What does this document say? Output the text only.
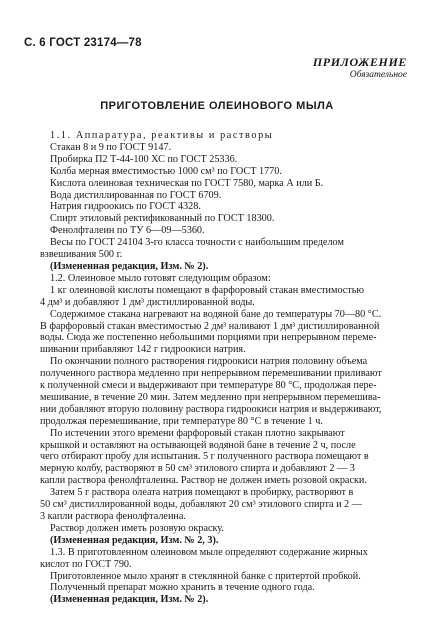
С. 6 ГОСТ 23174—78
ПРИЛОЖЕНИЕ
Обязательное
ПРИГОТОВЛЕНИЕ ОЛЕИНОВОГО МЫЛА

1.1. Аппаратура, реактивы и растворы

Стакан 8 и 9 по ГОСТ 9147.

Пробирка П2 Т-44-100 ХС по ГОСТ 25336.

Колба мерная вместимостью 1000 см³ по ГОСТ 1770.

Кислота олеиновая техническая по ГОСТ 7580, марка А или Б.

Вода дистиллированная по ГОСТ 6709.

Натрия гидроокись по ГОСТ 4328.

Спирт этиловый ректификованный по ГОСТ 18300.

Фенолфталеин по ТУ 6—09—5360.

Весы по ГОСТ 24104 3-го класса точности с наибольшим пределом

взвешивания 500 г.

(Измененная редакция, Изм. № 2).

1.2. Олеиновое мыло готовят следующим образом:

1 кг олеиновой кислоты помещают в фарфоровый стакан вместимостью

4 дм³ и добавляют 1 дм³ дистиллированной воды.

Содержимое стакана нагревают на водяной бане до температуры 70—80 °С.

В фарфоровый стакан вместимостью 2 дм³ наливают 1 дм³ дистиллированной

воды. Сюда же постепенно небольшими порциями при непрерывном переме-

шивании прибавляют 142 г гидроокиси натрия.

По окончании полного растворения гидроокиси натрия половину объема

полученного раствора медленно при непрерывном перемешивании приливают

к полученной смеси и выдерживают при температуре 80 °С, продолжая пере-

мешивание, в течение 20 мин. Затем медленно при непрерывном перемешива-

нии добавляют вторую половину раствора гидроокиси натрия и выдерживают,

продолжая перемешивание, при температуре 80 °С в течение 1 ч.

По истечении этого времени фарфоровый стакан плотно закрывают

крышкой и оставляют на остывающей водяной бане в течение 2 ч, после

чего отбирают пробу для испытания. 5 г полученного раствора помещают в

мерную колбу, растворяют в 50 см³ этилового спирта и добавляют 2 — 3

капли раствора фенолфталеина. Раствор не должен иметь розовой окраски.

Затем 5 г раствора олеата натрия помещают в пробирку, растворяют в

50 см³ дистиллированной воды, добавляют 20 см³ этилового спирта и 2 —

3 капли раствора фенолфталеина.

Раствор должен иметь розовую окраску.

(Измененная редакция, Изм. № 2, 3).

1.3. В приготовленном олеиновом мыле определяют содержание жирных

кислот по ГОСТ 790.

Приготовленное мыло хранят в стеклянной банке с притертой пробкой.

Полученный препарат можно хранить в течение одного года.

(Измененная редакция, Изм. № 2).
